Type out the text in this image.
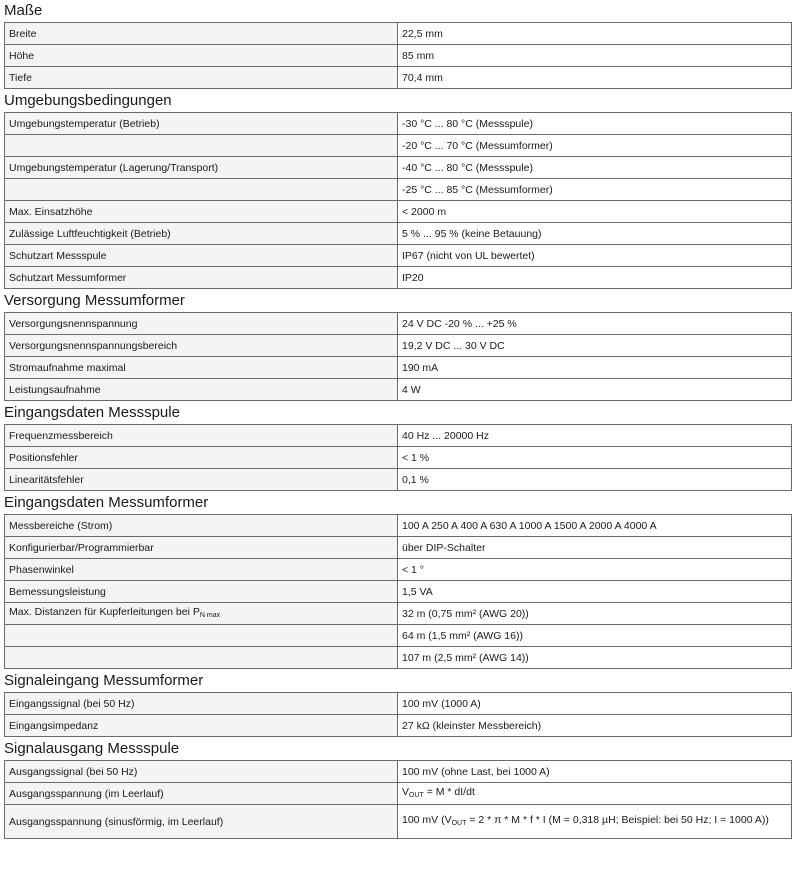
Maße
Breite	22,5 mm
Höhe	85 mm
Tiefe	70,4 mm
Umgebungsbedingungen
Umgebungstemperatur (Betrieb)	-30 °C ... 80 °C (Messspule)
	-20 °C ... 70 °C (Messumformer)
Umgebungstemperatur (Lagerung/Transport)	-40 °C ... 80 °C (Messspule)
	-25 °C ... 85 °C (Messumformer)
Max. Einsatzhöhe	< 2000 m
Zulässige Luftfeuchtigkeit (Betrieb)	5 % ... 95 % (keine Betauung)
Schutzart Messspule	IP67 (nicht von UL bewertet)
Schutzart Messumformer	IP20
Versorgung Messumformer
Versorgungsnennspannung	24 V DC -20 % ... +25 %
Versorgungsnennspannungsbereich	19,2 V DC ... 30 V DC
Stromaufnahme maximal	190 mA
Leistungsaufnahme	4 W
Eingangsdaten Messspule
Frequenzmessbereich	40 Hz ... 20000 Hz
Positionsfehler	< 1 %
Linearitätsfehler	0,1 %
Eingangsdaten Messumformer
Messbereiche (Strom)	100 A 250 A 400 A 630 A 1000 A 1500 A 2000 A 4000 A
Konfigurierbar/Programmierbar	über DIP-Schalter
Phasenwinkel	< 1 °
Bemessungsleistung	1,5 VA
Max. Distanzen für Kupferleitungen bei $P_{N max}$	32 m (0,75 mm² (AWG 20))
	64 m (1,5 mm² (AWG 16))
	107 m (2,5 mm² (AWG 14))
Signaleingang Messumformer
Eingangssignal (bei 50 Hz)	100 mV (1000 A)
Eingangsimpedanz	27 kΩ (kleinster Messbereich)
Signalausgang Messspule
Ausgangssignal (bei 50 Hz)	100 mV (ohne Last, bei 1000 A)
Ausgangsspannung (im Leerlauf)	$V_{OUT} = M * dI/dt$
Ausgangsspannung (sinusförmig, im Leerlauf)	100 mV ($V_{OUT} = 2 * \pi * M * f * I$ (M = 0,318 µH; Beispiel: bei 50 Hz; I = 1000 A))
